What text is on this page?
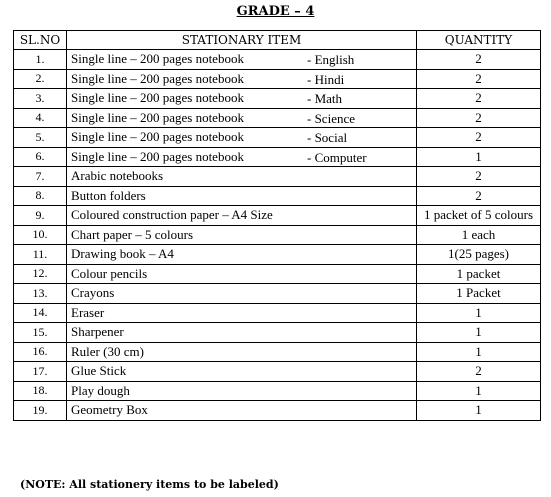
GRADE – 4
SL.NO	STATIONARY ITEM	QUANTITY
1.	Single line – 200 pages notebook - English	2
2.	Single line – 200 pages notebook - Hindi	2
3.	Single line – 200 pages notebook - Math	2
4.	Single line – 200 pages notebook - Science	2
5.	Single line – 200 pages notebook - Social	2
6.	Single line – 200 pages notebook - Computer	1
7.	Arabic notebooks	2
8.	Button folders	2
9.	Coloured construction paper – A4 Size	1 packet of 5 colours
10.	Chart paper – 5 colours	1 each
11.	Drawing book – A4	1(25 pages)
12.	Colour pencils	1 packet
13.	Crayons	1 Packet
14.	Eraser	1
15.	Sharpener	1
16.	Ruler (30 cm)	1
17.	Glue Stick	2
18.	Play dough	1
19.	Geometry Box	1
(NOTE: All stationery items to be labeled)
